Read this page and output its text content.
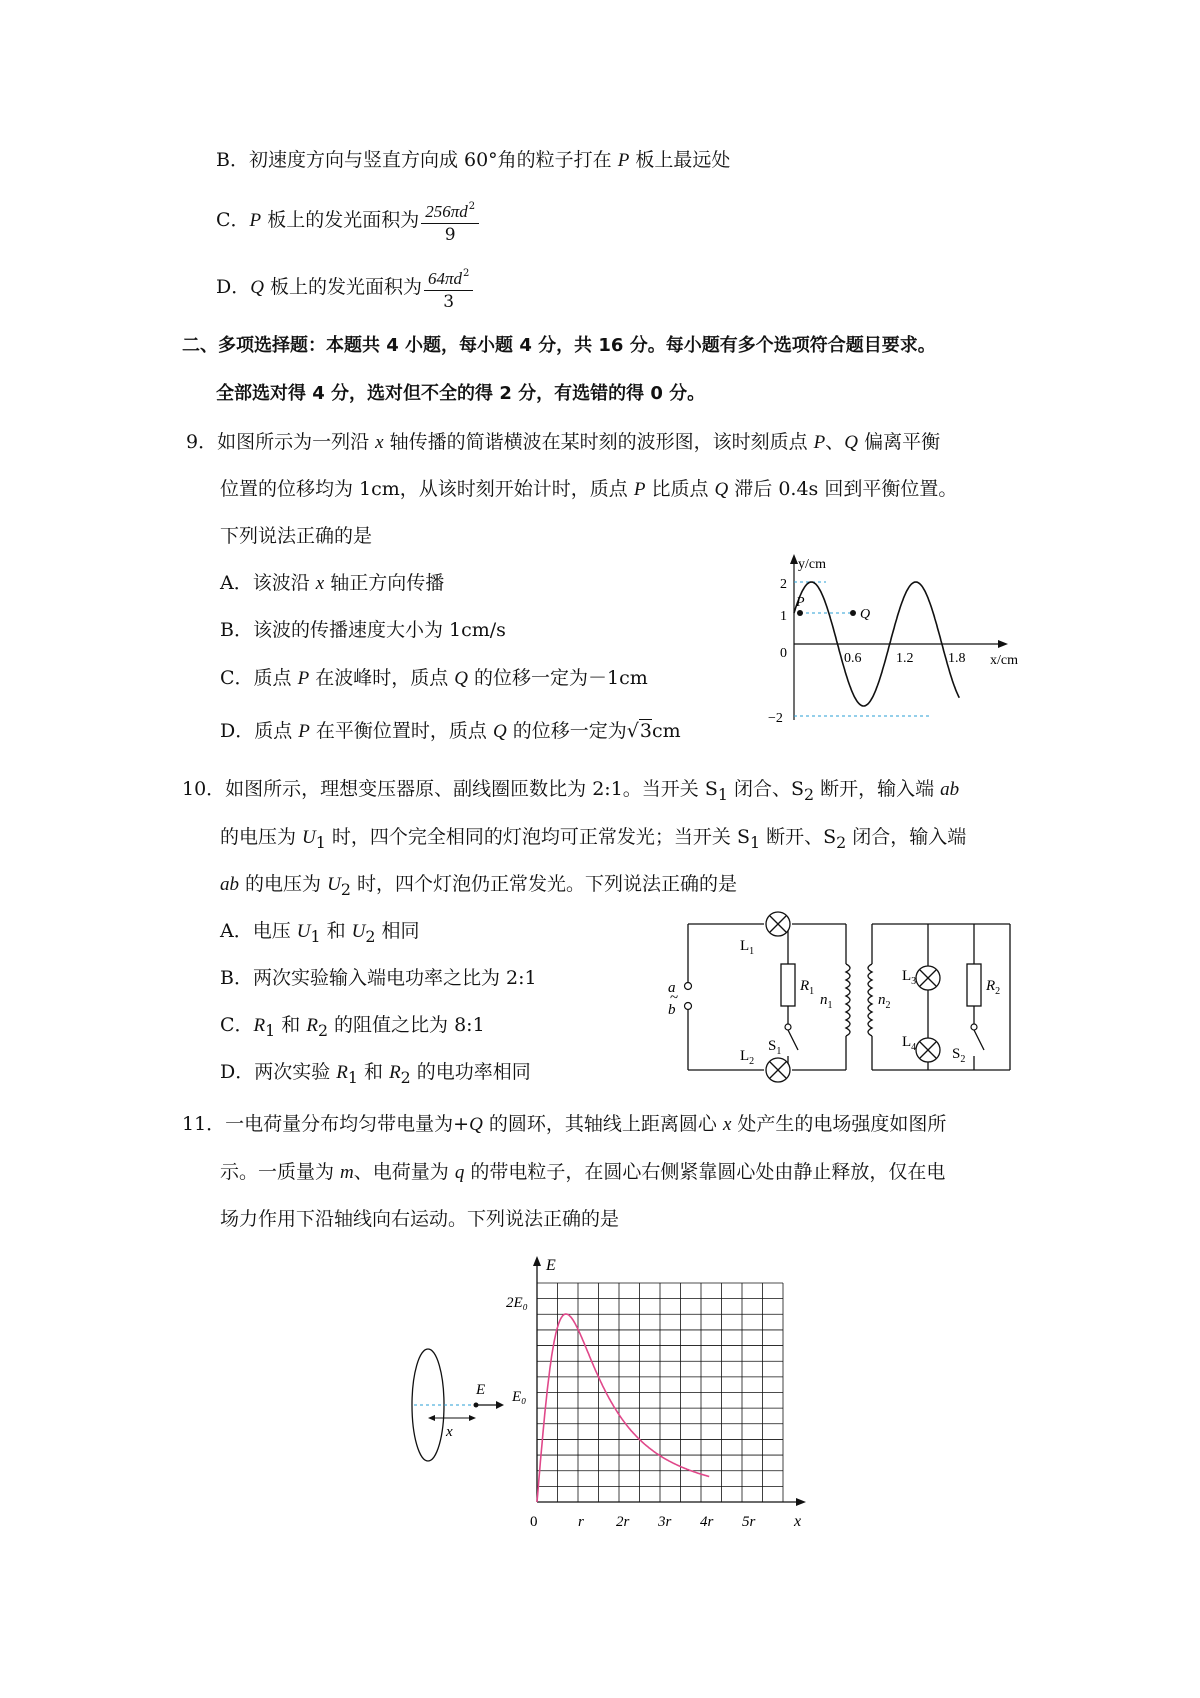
B．初速度方向与竖直方向成 60°角的粒子打在 P 板上最远处
C．P 板上的发光面积为 $\frac{256\pi d^2}{9}$
D．Q 板上的发光面积为 $\frac{64\pi d^2}{3}$
二、多项选择题：本题共 4 小题，每小题 4 分，共 16 分。每小题有多个选项符合题目要求。
全部选对得 4 分，选对但不全的得 2 分，有选错的得 0 分。
9．如图所示为一列沿 x 轴传播的简谐横波在某时刻的波形图，该时刻质点 P、Q 偏离平衡
位置的位移均为 1cm，从该时刻开始计时，质点 P 比质点 Q 滞后 0.4s 回到平衡位置。
下列说法正确的是
A．该波沿 x 轴正方向传播
B．该波的传播速度大小为 1cm/s
C．质点 P 在波峰时，质点 Q 的位移一定为－1cm
D．质点 P 在平衡位置时，质点 Q 的位移一定为√3cm
y/cm
x/cm
2
1
0
−2
0.6 1.2 1.8
P
Q
10．如图所示，理想变压器原、副线圈匝数比为 2:1。当开关 $S_1$ 闭合、$S_2$ 断开，输入端 ab
的电压为 $U_1$ 时，四个完全相同的灯泡均可正常发光；当开关 $S_1$ 断开、$S_2$ 闭合，输入端
ab 的电压为 $U_2$ 时，四个灯泡仍正常发光。下列说法正确的是
A．电压 $U_1$ 和 $U_2$ 相同
B．两次实验输入端电功率之比为 2:1
C．$R_1$ 和 $R_2$ 的阻值之比为 8:1
D．两次实验 $R_1$ 和 $R_2$ 的电功率相同
a
~
b
$L_1$
$L_2$
$L_3$
$L_4$
$R_1$	$R_2$
$S_1$	$S_2$
$n_1$	$n_2$
11．一电荷量分布均匀带电量为+Q 的圆环，其轴线上距离圆心 x 处产生的电场强度如图所
示。一质量为 m、电荷量为 q 的带电粒子，在圆心右侧紧靠圆心处由静止释放，仅在电
场力作用下沿轴线向右运动。下列说法正确的是
E
x
E
x
2E₀
E₀
0	r 2r 3r 4r 5r
